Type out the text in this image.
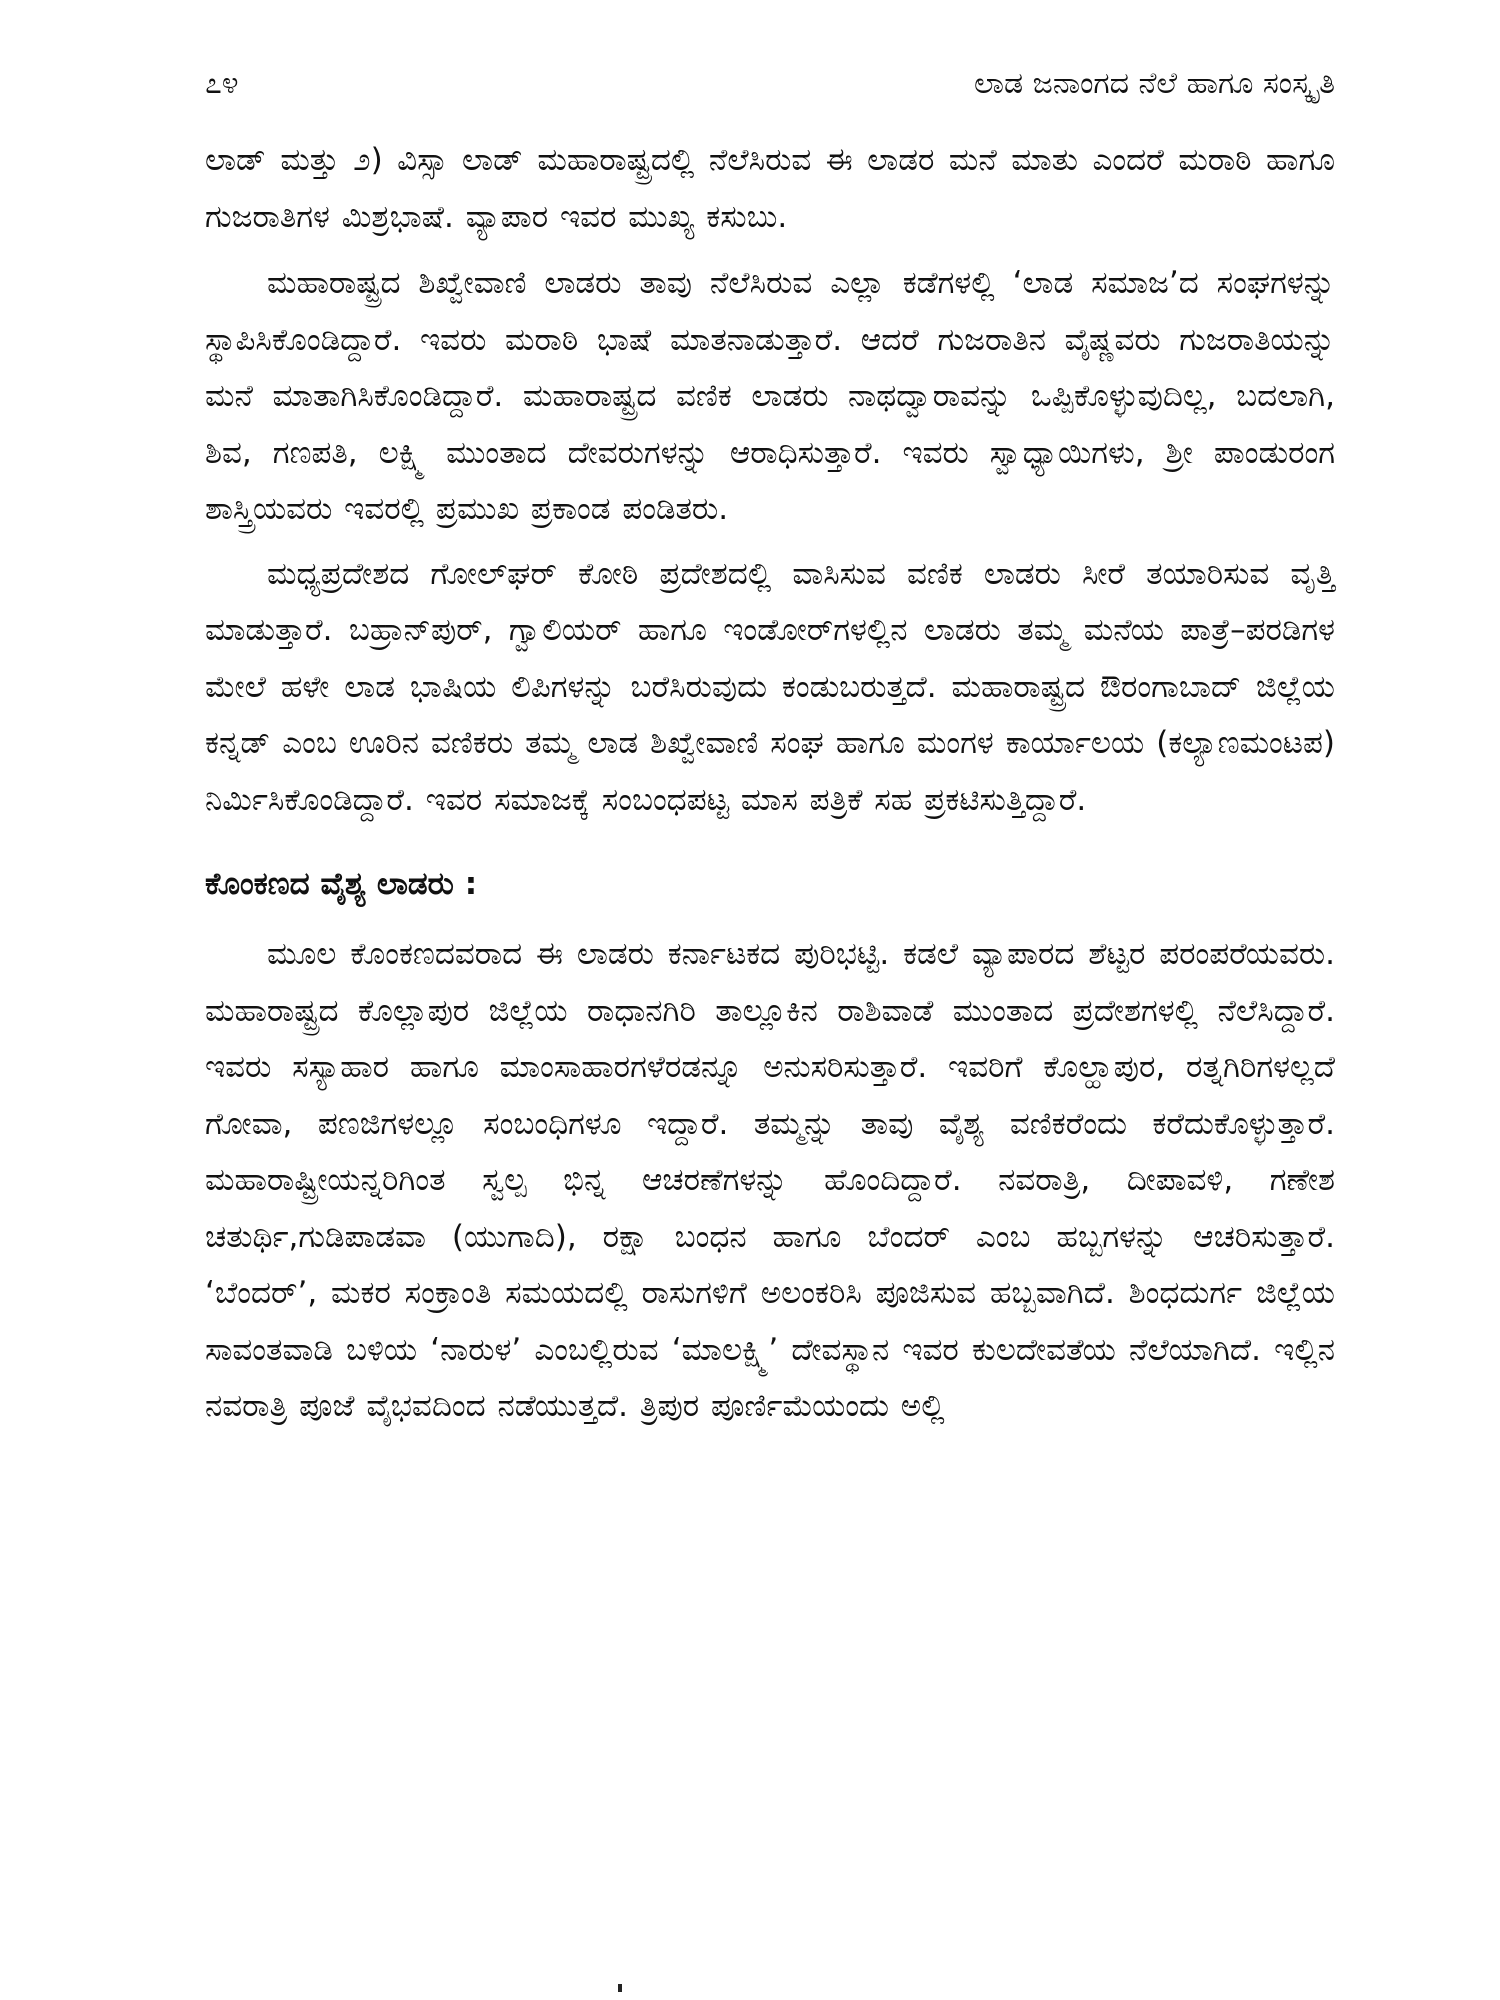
೭೪	ಲಾಡ ಜನಾಂಗದ ನೆಲೆ ಹಾಗೂ ಸಂಸ್ಕೃತಿ

ಲಾಡ್ ಮತ್ತು ೨) ವಿಸ್ಸಾ ಲಾಡ್ ಮಹಾರಾಷ್ಟ್ರದಲ್ಲಿ ನೆಲೆಸಿರುವ ಈ ಲಾಡರ ಮನೆ ಮಾತು ಎಂದರೆ ಮರಾಠಿ ಹಾಗೂ ಗುಜರಾತಿಗಳ ಮಿಶ್ರಭಾಷೆ. ವ್ಯಾಪಾರ ಇವರ ಮುಖ್ಯ ಕಸುಬು.

ಮಹಾರಾಷ್ಟ್ರದ ಶಿಖ್ವೇವಾಣಿ ಲಾಡರು ತಾವು ನೆಲೆಸಿರುವ ಎಲ್ಲಾ ಕಡೆಗಳಲ್ಲಿ ‘ಲಾಡ ಸಮಾಜ’ದ ಸಂಘಗಳನ್ನು ಸ್ಥಾಪಿಸಿಕೊಂಡಿದ್ದಾರೆ. ಇವರು ಮರಾಠಿ ಭಾಷೆ ಮಾತನಾಡುತ್ತಾರೆ. ಆದರೆ ಗುಜರಾತಿನ ವೈಷ್ಣವರು ಗುಜರಾತಿಯನ್ನು ಮನೆ ಮಾತಾಗಿಸಿಕೊಂಡಿದ್ದಾರೆ. ಮಹಾರಾಷ್ಟ್ರದ ವಣಿಕ ಲಾಡರು ನಾಥದ್ವಾರಾವನ್ನು ಒಪ್ಪಿಕೊಳ್ಳುವುದಿಲ್ಲ, ಬದಲಾಗಿ, ಶಿವ, ಗಣಪತಿ, ಲಕ್ಷ್ಮಿ ಮುಂತಾದ ದೇವರುಗಳನ್ನು ಆರಾಧಿಸುತ್ತಾರೆ. ಇವರು ಸ್ವಾಧ್ಯಾಯಿಗಳು, ಶ್ರೀ ಪಾಂಡುರಂಗ ಶಾಸ್ತ್ರಿಯವರು ಇವರಲ್ಲಿ ಪ್ರಮುಖ ಪ್ರಕಾಂಡ ಪಂಡಿತರು.

ಮಧ್ಯಪ್ರದೇಶದ ಗೋಲ್‌ಘರ್ ಕೋಠಿ ಪ್ರದೇಶದಲ್ಲಿ ವಾಸಿಸುವ ವಣಿಕ ಲಾಡರು ಸೀರೆ ತಯಾರಿಸುವ ವೃತ್ತಿ ಮಾಡುತ್ತಾರೆ. ಬಹ್ರಾನ್‌ಪುರ್, ಗ್ವಾಲಿಯರ್ ಹಾಗೂ ಇಂಡೋರ್‌ಗಳಲ್ಲಿನ ಲಾಡರು ತಮ್ಮ ಮನೆಯ ಪಾತ್ರೆ–ಪರಡಿಗಳ ಮೇಲೆ ಹಳೇ ಲಾಡ ಭಾಷಿಯ ಲಿಪಿಗಳನ್ನು ಬರೆಸಿರುವುದು ಕಂಡುಬರುತ್ತದೆ. ಮಹಾರಾಷ್ಟ್ರದ ಔರಂಗಾಬಾದ್ ಜಿಲ್ಲೆಯ ಕನ್ನಡ್ ಎಂಬ ಊರಿನ ವಣಿಕರು ತಮ್ಮ ಲಾಡ ಶಿಖ್ವೇವಾಣಿ ಸಂಘ ಹಾಗೂ ಮಂಗಳ ಕಾರ್ಯಾಲಯ (ಕಲ್ಯಾಣಮಂಟಪ) ನಿರ್ಮಿಸಿಕೊಂಡಿದ್ದಾರೆ. ಇವರ ಸಮಾಜಕ್ಕೆ ಸಂಬಂಧಪಟ್ಟ ಮಾಸ ಪತ್ರಿಕೆ ಸಹ ಪ್ರಕಟಿಸುತ್ತಿದ್ದಾರೆ.

ಕೊಂಕಣದ ವೈಶ್ಯ ಲಾಡರು :

ಮೂಲ ಕೊಂಕಣದವರಾದ ಈ ಲಾಡರು ಕರ್ನಾಟಕದ ಪುರಿಭಟ್ಟಿ. ಕಡಲೆ ವ್ಯಾಪಾರದ ಶೆಟ್ಟರ ಪರಂಪರೆಯವರು. ಮಹಾರಾಷ್ಟ್ರದ ಕೊಲ್ಲಾಪುರ ಜಿಲ್ಲೆಯ ರಾಧಾನಗಿರಿ ತಾಲ್ಲೂಕಿನ ರಾಶಿವಾಡೆ ಮುಂತಾದ ಪ್ರದೇಶಗಳಲ್ಲಿ ನೆಲೆಸಿದ್ದಾರೆ. ಇವರು ಸಸ್ಯಾಹಾರ ಹಾಗೂ ಮಾಂಸಾಹಾರಗಳೆರಡನ್ನೂ ಅನುಸರಿಸುತ್ತಾರೆ. ಇವರಿಗೆ ಕೊಲ್ಹಾಪುರ, ರತ್ನಗಿರಿಗಳಲ್ಲದೆ ಗೋವಾ, ಪಣಜಿಗಳಲ್ಲೂ ಸಂಬಂಧಿಗಳೂ ಇದ್ದಾರೆ. ತಮ್ಮನ್ನು ತಾವು ವೈಶ್ಯ ವಣಿಕರೆಂದು ಕರೆದುಕೊಳ್ಳುತ್ತಾರೆ. ಮಹಾರಾಷ್ಟ್ರೀಯನ್ನರಿಗಿಂತ ಸ್ವಲ್ಪ ಭಿನ್ನ ಆಚರಣೆಗಳನ್ನು ಹೊಂದಿದ್ದಾರೆ. ನವರಾತ್ರಿ, ದೀಪಾವಳಿ, ಗಣೇಶ ಚತುರ್ಥಿ,ಗುಡಿಪಾಡವಾ (ಯುಗಾದಿ), ರಕ್ಷಾ ಬಂಧನ ಹಾಗೂ ಬೆಂದರ್ ಎಂಬ ಹಬ್ಬಗಳನ್ನು ಆಚರಿಸುತ್ತಾರೆ. ‘ಬೆಂದರ್’, ಮಕರ ಸಂಕ್ರಾಂತಿ ಸಮಯದಲ್ಲಿ ರಾಸುಗಳಿಗೆ ಅಲಂಕರಿಸಿ ಪೂಜಿಸುವ ಹಬ್ಬವಾಗಿದೆ. ಶಿಂಧದುರ್ಗ ಜಿಲ್ಲೆಯ ಸಾವಂತವಾಡಿ ಬಳಿಯ ‘ನಾರುಳ’ ಎಂಬಲ್ಲಿರುವ ‘ಮಾಲಕ್ಷ್ಮಿ’ ದೇವಸ್ಥಾನ ಇವರ ಕುಲದೇವತೆಯ ನೆಲೆಯಾಗಿದೆ. ಇಲ್ಲಿನ ನವರಾತ್ರಿ ಪೂಜೆ ವೈಭವದಿಂದ ನಡೆಯುತ್ತದೆ. ತ್ರಿಪುರ ಪೂರ್ಣಿಮೆಯಂದು ಅಲ್ಲಿ
